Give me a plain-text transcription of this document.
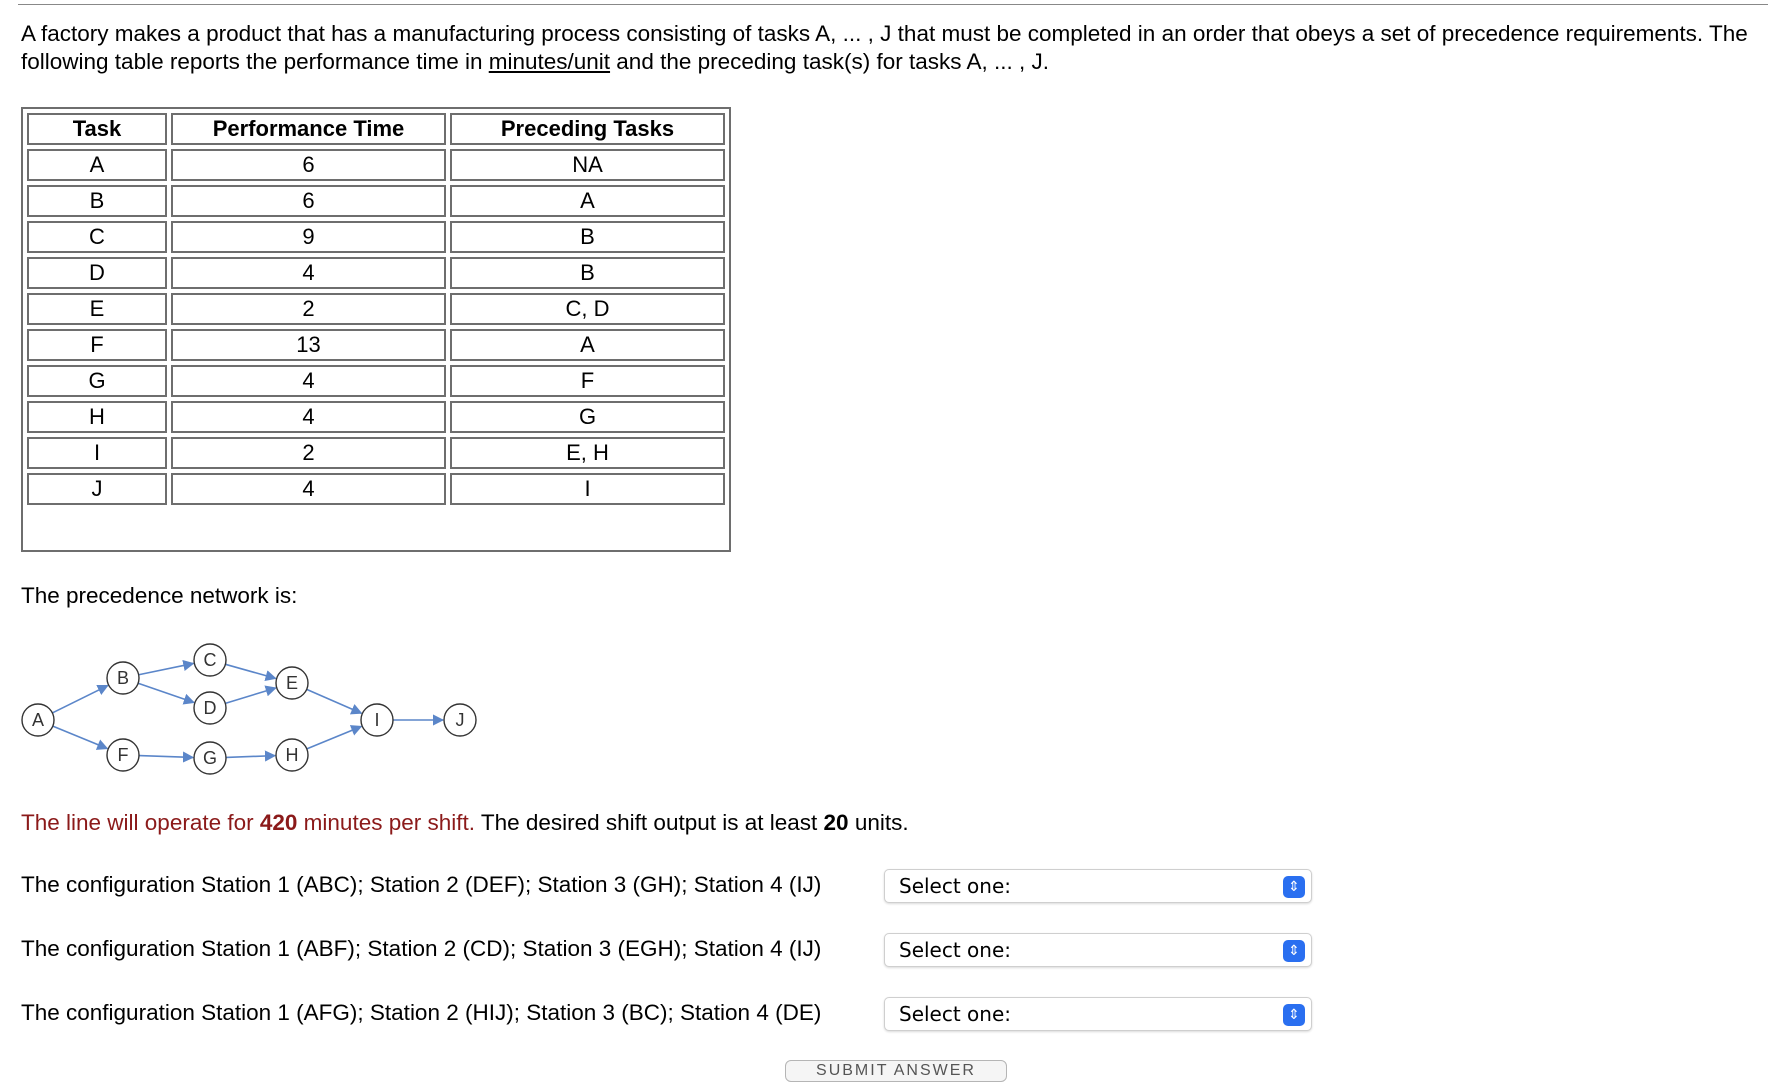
A factory makes a product that has a manufacturing process consisting of tasks A, ... , J that must be completed in an order that obeys a set of precedence requirements. The following table reports the performance time in minutes/unit and the preceding task(s) for tasks A, ... , J.
Task	Performance Time	Preceding Tasks
A	6	NA
B	6	A
C	9	B
D	4	B
E	2	C, D
F	13	A
G	4	F
H	4	G
I	2	E, H
J	4	I
The precedence network is:
A
B
C
D
E
F	G	H
I	J
The line will operate for 420 minutes per shift. The desired shift output is at least 20 units.
The configuration Station 1 (ABC); Station 2 (DEF); Station 3 (GH); Station 4 (IJ)	Select one:	⇕
The configuration Station 1 (ABF); Station 2 (CD); Station 3 (EGH); Station 4 (IJ)	Select one:	⇕
The configuration Station 1 (AFG); Station 2 (HIJ); Station 3 (BC); Station 4 (DE)	Select one:	⇕
SUBMIT ANSWER
